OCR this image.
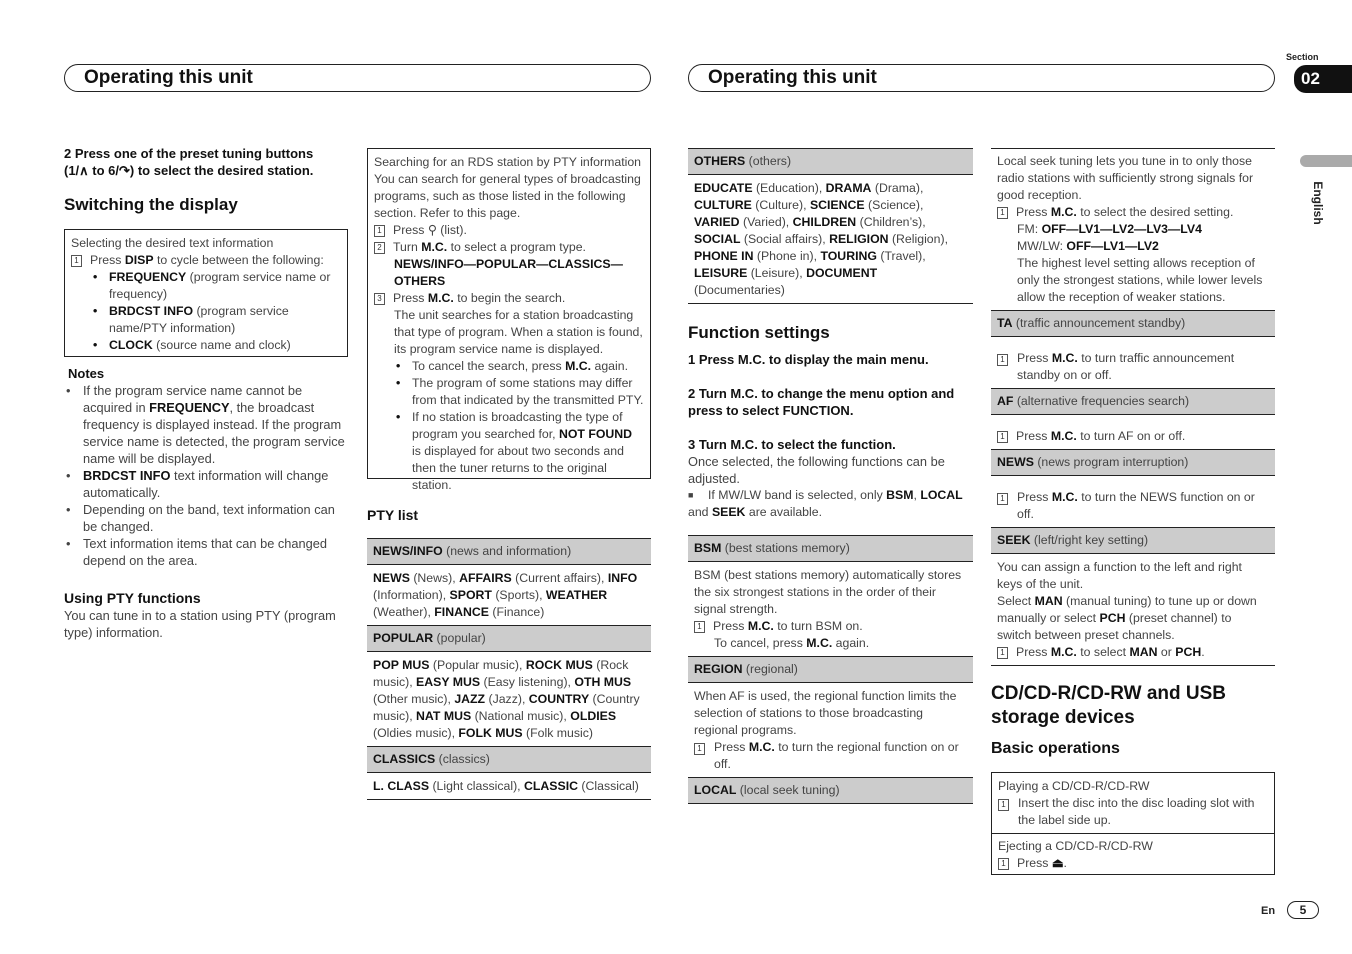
Operating this unit	Operating this unit
Section
02
English
2 Press one of the preset tuning buttons
(1/∧ to 6/↷) to select the desired station.
Switching the display
Selecting the desired text information
1 Press DISP to cycle between the following:
• FREQUENCY (program service name or frequency)
• BRDCST INFO (program service name/PTY information)
• CLOCK (source name and clock)
Notes
• If the program service name cannot be acquired in FREQUENCY, the broadcast frequency is displayed instead. If the program service name is detected, the program service name will be displayed.
• BRDCST INFO text information will change automatically.
• Depending on the band, text information can be changed.
• Text information items that can be changed depend on the area.
Using PTY functions
You can tune in to a station using PTY (program type) information.
Searching for an RDS station by PTY information
You can search for general types of broadcasting programs, such as those listed in the following section. Refer to this page.
1 Press ⚲ (list).
2 Turn M.C. to select a program type.
NEWS/INFO—POPULAR—CLASSICS—OTHERS
3 Press M.C. to begin the search.
The unit searches for a station broadcasting that type of program. When a station is found, its program service name is displayed.
• To cancel the search, press M.C. again.
• The program of some stations may differ from that indicated by the transmitted PTY.
• If no station is broadcasting the type of program you searched for, NOT FOUND is displayed for about two seconds and then the tuner returns to the original station.
PTY list
NEWS/INFO (news and information)
NEWS (News), AFFAIRS (Current affairs), INFO (Information), SPORT (Sports), WEATHER (Weather), FINANCE (Finance)
POPULAR (popular)
POP MUS (Popular music), ROCK MUS (Rock music), EASY MUS (Easy listening), OTH MUS (Other music), JAZZ (Jazz), COUNTRY (Country music), NAT MUS (National music), OLDIES (Oldies music), FOLK MUS (Folk music)
CLASSICS (classics)
L. CLASS (Light classical), CLASSIC (Classical)
OTHERS (others)
EDUCATE (Education), DRAMA (Drama), CULTURE (Culture), SCIENCE (Science), VARIED (Varied), CHILDREN (Children’s), SOCIAL (Social affairs), RELIGION (Religion), PHONE IN (Phone in), TOURING (Travel), LEISURE (Leisure), DOCUMENT (Documentaries)
Function settings
1 Press M.C. to display the main menu.
2 Turn M.C. to change the menu option and press to select FUNCTION.
3 Turn M.C. to select the function.
Once selected, the following functions can be adjusted.
■ If MW/LW band is selected, only BSM, LOCAL
and SEEK are available.
BSM (best stations memory)
BSM (best stations memory) automatically stores the six strongest stations in the order of their signal strength.
1 Press M.C. to turn BSM on.
To cancel, press M.C. again.
REGION (regional)
When AF is used, the regional function limits the selection of stations to those broadcasting regional programs.
1 Press M.C. to turn the regional function on or off.
LOCAL (local seek tuning)
Local seek tuning lets you tune in to only those radio stations with sufficiently strong signals for good reception.
1 Press M.C. to select the desired setting.
FM: OFF—LV1—LV2—LV3—LV4
MW/LW: OFF—LV1—LV2
The highest level setting allows reception of only the strongest stations, while lower levels allow the reception of weaker stations.
TA (traffic announcement standby)
1 Press M.C. to turn traffic announcement standby on or off.
AF (alternative frequencies search)
1 Press M.C. to turn AF on or off.
NEWS (news program interruption)
1 Press M.C. to turn the NEWS function on or off.
SEEK (left/right key setting)
You can assign a function to the left and right keys of the unit.
Select MAN (manual tuning) to tune up or down manually or select PCH (preset channel) to switch between preset channels.
1 Press M.C. to select MAN or PCH.
CD/CD-R/CD-RW and USB storage devices
Basic operations
Playing a CD/CD-R/CD-RW
1 Insert the disc into the disc loading slot with the label side up.
Ejecting a CD/CD-R/CD-RW
1 Press ⏏.
En	5
